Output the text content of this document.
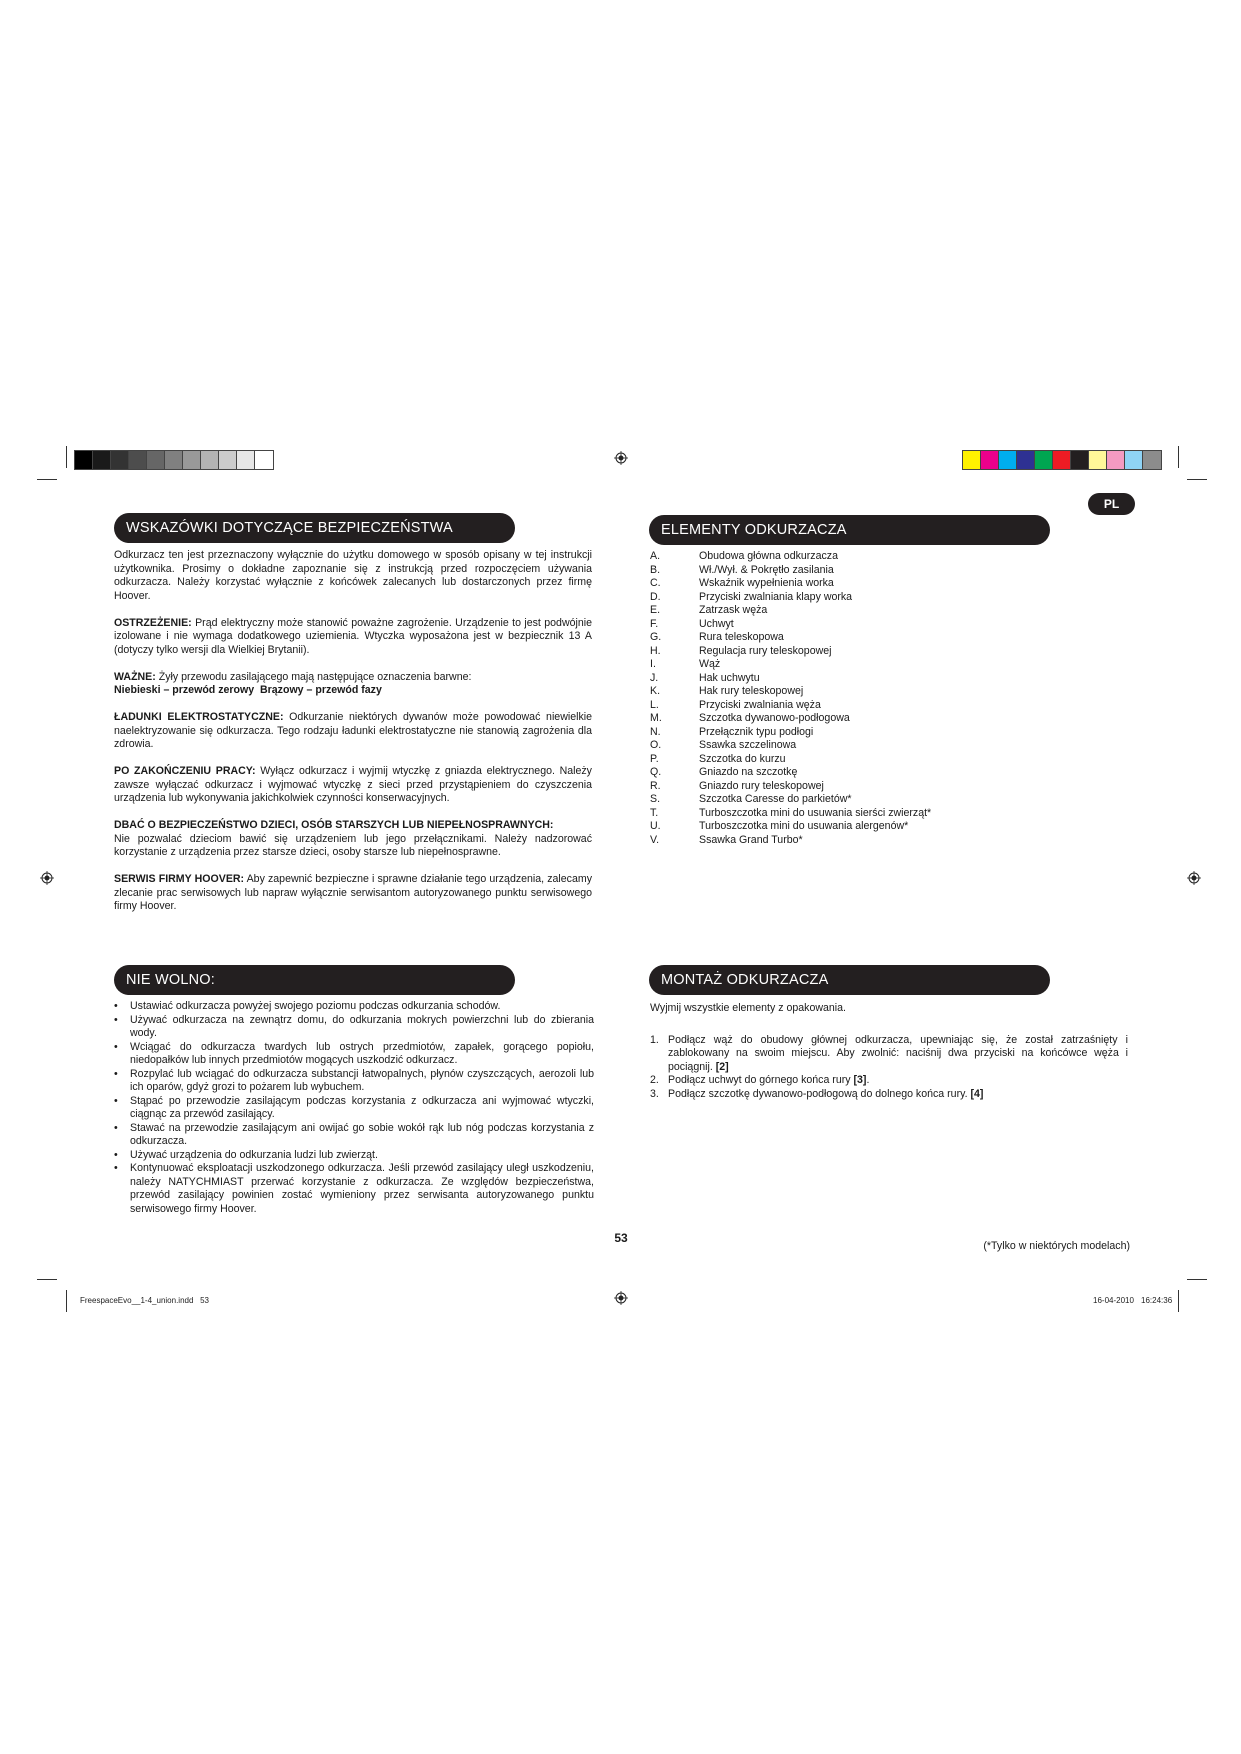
PL
WSKAZÓWKI DOTYCZĄCE BEZPIECZEŃSTWA

Odkurzacz ten jest przeznaczony wyłącznie do użytku domowego w sposób opisany w tej instrukcji użytkownika. Prosimy o dokładne zapoznanie się z instrukcją przed rozpoczęciem używania odkurzacza. Należy korzystać wyłącznie z końcówek zalecanych lub dostarczonych przez firmę Hoover.

OSTRZEŻENIE: Prąd elektryczny może stanowić poważne zagrożenie. Urządzenie to jest podwójnie izolowane i nie wymaga dodatkowego uziemienia. Wtyczka wyposażona jest w bezpiecznik 13 A (dotyczy tylko wersji dla Wielkiej Brytanii).

WAŻNE: Żyły przewodu zasilającego mają następujące oznaczenia barwne:
Niebieski – przewód zerowy  Brązowy – przewód fazy

ŁADUNKI ELEKTROSTATYCZNE: Odkurzanie niektórych dywanów może powodować niewielkie naelektryzowanie się odkurzacza. Tego rodzaju ładunki elektrostatyczne nie stanowią zagrożenia dla zdrowia.

PO ZAKOŃCZENIU PRACY: Wyłącz odkurzacz i wyjmij wtyczkę z gniazda elektrycznego. Należy zawsze wyłączać odkurzacz i wyjmować wtyczkę z sieci przed przystąpieniem do czyszczenia urządzenia lub wykonywania jakichkolwiek czynności konserwacyjnych.

DBAĆ O BEZPIECZEŃSTWO DZIECI, OSÓB STARSZYCH LUB NIEPEŁNOSPRAWNYCH:
Nie pozwalać dzieciom bawić się urządzeniem lub jego przełącznikami. Należy nadzorować korzystanie z urządzenia przez starsze dzieci, osoby starsze lub niepełnosprawne.

SERWIS FIRMY HOOVER: Aby zapewnić bezpieczne i sprawne działanie tego urządzenia, zalecamy zlecanie prac serwisowych lub napraw wyłącznie serwisantom autoryzowanego punktu serwisowego firmy Hoover.

NIE WOLNO:
• Ustawiać odkurzacza powyżej swojego poziomu podczas odkurzania schodów.
• Używać odkurzacza na zewnątrz domu, do odkurzania mokrych powierzchni lub do zbierania wody.
• Wciągać do odkurzacza twardych lub ostrych przedmiotów, zapałek, gorącego popiołu, niedopałków lub innych przedmiotów mogących uszkodzić odkurzacz.
• Rozpylać lub wciągać do odkurzacza substancji łatwopalnych, płynów czyszczących, aerozoli lub ich oparów, gdyż grozi to pożarem lub wybuchem.
• Stąpać po przewodzie zasilającym podczas korzystania z odkurzacza ani wyjmować wtyczki, ciągnąc za przewód zasilający.
• Stawać na przewodzie zasilającym ani owijać go sobie wokół rąk lub nóg podczas korzystania z odkurzacza.
• Używać urządzenia do odkurzania ludzi lub zwierząt.
• Kontynuować eksploatacji uszkodzonego odkurzacza. Jeśli przewód zasilający uległ uszkodzeniu, należy NATYCHMIAST przerwać korzystanie z odkurzacza. Ze względów bezpieczeństwa, przewód zasilający powinien zostać wymieniony przez serwisanta autoryzowanego punktu serwisowego firmy Hoover.
53
ELEMENTY ODKURZACZA
A.	Obudowa główna odkurzacza
B.	Wł./Wył. & Pokrętło zasilania
C.	Wskaźnik wypełnienia worka
D.	Przyciski zwalniania klapy worka
E.	Zatrzask węża
F.	Uchwyt
G.	Rura teleskopowa
H.	Regulacja rury teleskopowej
I.	Wąż
J.	Hak uchwytu
K.	Hak rury teleskopowej
L.	Przyciski zwalniania węża
M.	Szczotka dywanowo-podłogowa
N.	Przełącznik typu podłogi
O.	Ssawka szczelinowa
P.	Szczotka do kurzu
Q.	Gniazdo na szczotkę
R.	Gniazdo rury teleskopowej
S.	Szczotka Caresse do parkietów*
T.	Turboszczotka mini do usuwania sierści zwierząt*
U.	Turboszczotka mini do usuwania alergenów*
V.	Ssawka Grand Turbo*
MONTAŻ ODKURZACZA

Wyjmij wszystkie elementy z opakowania.

1. Podłącz wąż do obudowy głównej odkurzacza, upewniając się, że został zatrzaśnięty i zablokowany na swoim miejscu. Aby zwolnić: naciśnij dwa przyciski na końcówce węża i pociągnij. [2]
2. Podłącz uchwyt do górnego końca rury [3].
3. Podłącz szczotkę dywanowo-podłogową do dolnego końca rury. [4]
(*Tylko w niektórych modelach)
FreespaceEvo__1-4_union.indd   53	16-04-2010 16:24:36
